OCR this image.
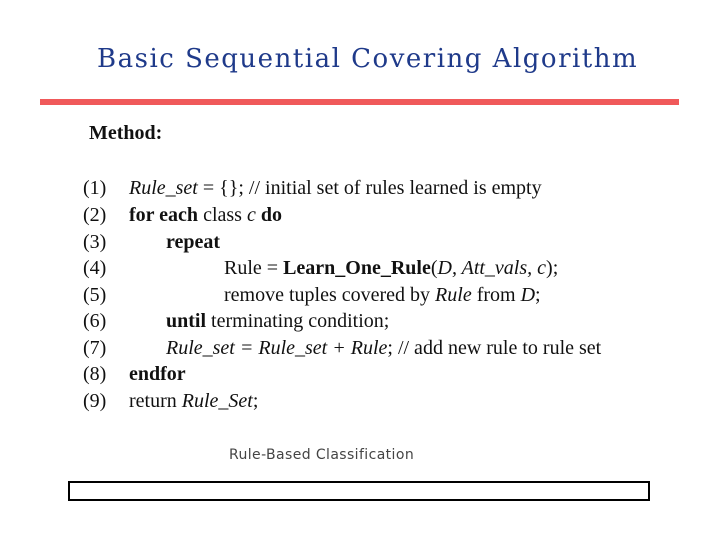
Basic Sequential Covering Algorithm
Method:
(1) Rule_set = {}; // initial set of rules learned is empty
(2) for each class c do
(3)	repeat
(4)	Rule = Learn_One_Rule(D, Att_vals, c);
(5)	remove tuples covered by Rule from D;
(6)	until terminating condition;
(7)	Rule_set = Rule_set + Rule; // add new rule to rule set
(8) endfor
(9) return Rule_Set;
Rule-Based Classification
